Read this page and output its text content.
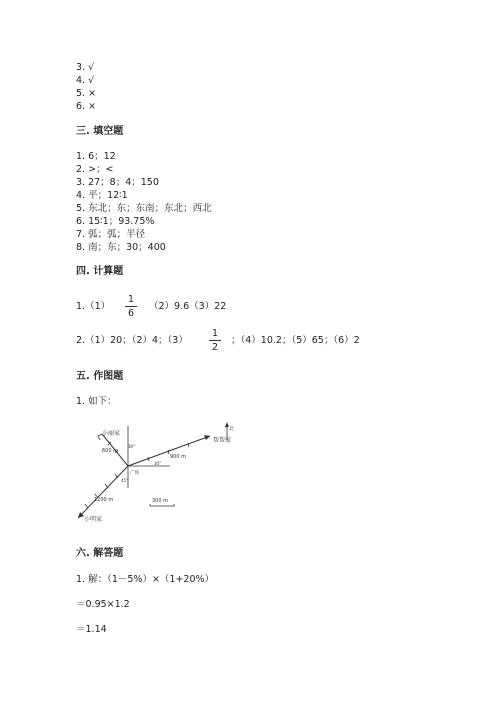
3. √
4. √
5. ×
6. ×
三. 填空题
1. 6；12
2. >；<
3. 27；8；4；150
4. 平；12∶1
5. 东北；东；东南；东北；西北
6. 15∶1；93.75%
7. 弧；弧；半径
8. 南；东；30；400
四. 计算题
1.（1）
1
6
（2）9.6（3）22
2.（1）20；（2）4；（3）
1
2
；（4）10.2；（5）65；（6）2
五. 作图题
1. 如下：
北
小丽家
600 m
30°
帮帮家
900 m
30°
广场
45°
小明家
1200 m	300 m
六. 解答题
1. 解：（1－5%）×（1+20%）
＝0.95×1.2
＝1.14
